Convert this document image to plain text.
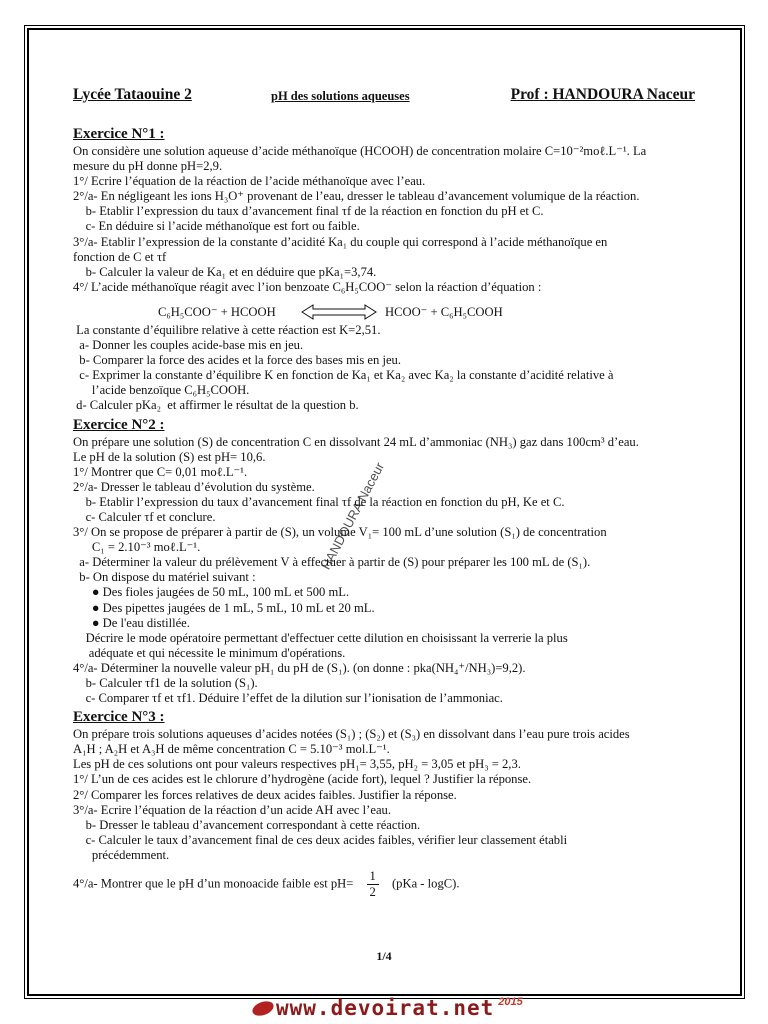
Lycée Tataouine 2	pH des solutions aqueuses	Prof : HANDOURA Naceur
HANDOURA Naceur
Exercice N°1 :
On considère une solution aqueuse d’acide méthanoïque (HCOOH) de concentration molaire C=10⁻²moℓ.L⁻¹. La
mesure du pH donne pH=2,9.
1°/ Ecrire l’équation de la réaction de l’acide méthanoïque avec l’eau.
2°/a- En négligeant les ions H₃O⁺ provenant de l’eau, dresser le tableau d’avancement volumique de la réaction.
b- Etablir l’expression du taux d’avancement final τf de la réaction en fonction du pH et C.
c- En déduire si l’acide méthanoïque est fort ou faible.
3°/a- Etablir l’expression de la constante d’acidité Ka₁ du couple qui correspond à l’acide méthanoïque en
fonction de C et τf
b- Calculer la valeur de Ka₁ et en déduire que pKa₁=3,74.
4°/ L’acide méthanoïque réagit avec l’ion benzoate C₆H₅COO⁻ selon la réaction d’équation :
C₆H₅COO⁻ + HCOOH	HCOO⁻ + C₆H₅COOH
La constante d’équilibre relative à cette réaction est K=2,51.
a- Donner les couples acide-base mis en jeu.
b- Comparer la force des acides et la force des bases mis en jeu.
c- Exprimer la constante d’équilibre K en fonction de Ka₁ et Ka₂ avec Ka₂ la constante d’acidité relative à
l’acide benzoïque C₆H₅COOH.
d- Calculer pKa₂  et affirmer le résultat de la question b.
Exercice N°2 :
On prépare une solution (S) de concentration C en dissolvant 24 mL d’ammoniac (NH₃) gaz dans 100cm³ d’eau.
Le pH de la solution (S) est pH= 10,6.
1°/ Montrer que C= 0,01 moℓ.L⁻¹.
2°/a- Dresser le tableau d’évolution du système.
b- Etablir l’expression du taux d’avancement final τf de la réaction en fonction du pH, Ke et C.
c- Calculer τf et conclure.
3°/ On se propose de préparer à partir de (S), un volume V₁= 100 mL d’une solution (S₁) de concentration
C₁ = 2.10⁻³ moℓ.L⁻¹.
a- Déterminer la valeur du prélèvement V à effectuer à partir de (S) pour préparer les 100 mL de (S₁).
b- On dispose du matériel suivant :
● Des fioles jaugées de 50 mL, 100 mL et 500 mL.
● Des pipettes jaugées de 1 mL, 5 mL, 10 mL et 20 mL.
● De l'eau distillée.
Décrire le mode opératoire permettant d'effectuer cette dilution en choisissant la verrerie la plus
adéquate et qui nécessite le minimum d'opérations.
4°/a- Déterminer la nouvelle valeur pH₁ du pH de (S₁). (on donne : pka(NH₄⁺/NH₃)=9,2).
b- Calculer τf1 de la solution (S₁).
c- Comparer τf et τf1. Déduire l’effet de la dilution sur l’ionisation de l’ammoniac.
Exercice N°3 :
On prépare trois solutions aqueuses d’acides notées (S₁) ; (S₂) et (S₃) en dissolvant dans l’eau pure trois acides
A₁H ; A₂H et A₃H de même concentration C = 5.10⁻³ mol.L⁻¹.
Les pH de ces solutions ont pour valeurs respectives pH₁= 3,55, pH₂ = 3,05 et pH₃ = 2,3.
1°/ L’un de ces acides est le chlorure d’hydrogène (acide fort), lequel ? Justifier la réponse.
2°/ Comparer les forces relatives de deux acides faibles. Justifier la réponse.
3°/a- Ecrire l’équation de la réaction d’un acide AH avec l’eau.
b- Dresser le tableau d’avancement correspondant à cette réaction.
c- Calculer le taux d’avancement final de ces deux acides faibles, vérifier leur classement établi
précédemment.
4°/a- Montrer que le pH d’un monoacide faible est $pH= \frac{1}{2} (pKa - \log C)$.
1/4
www.devoirat.net $^{2015}$
